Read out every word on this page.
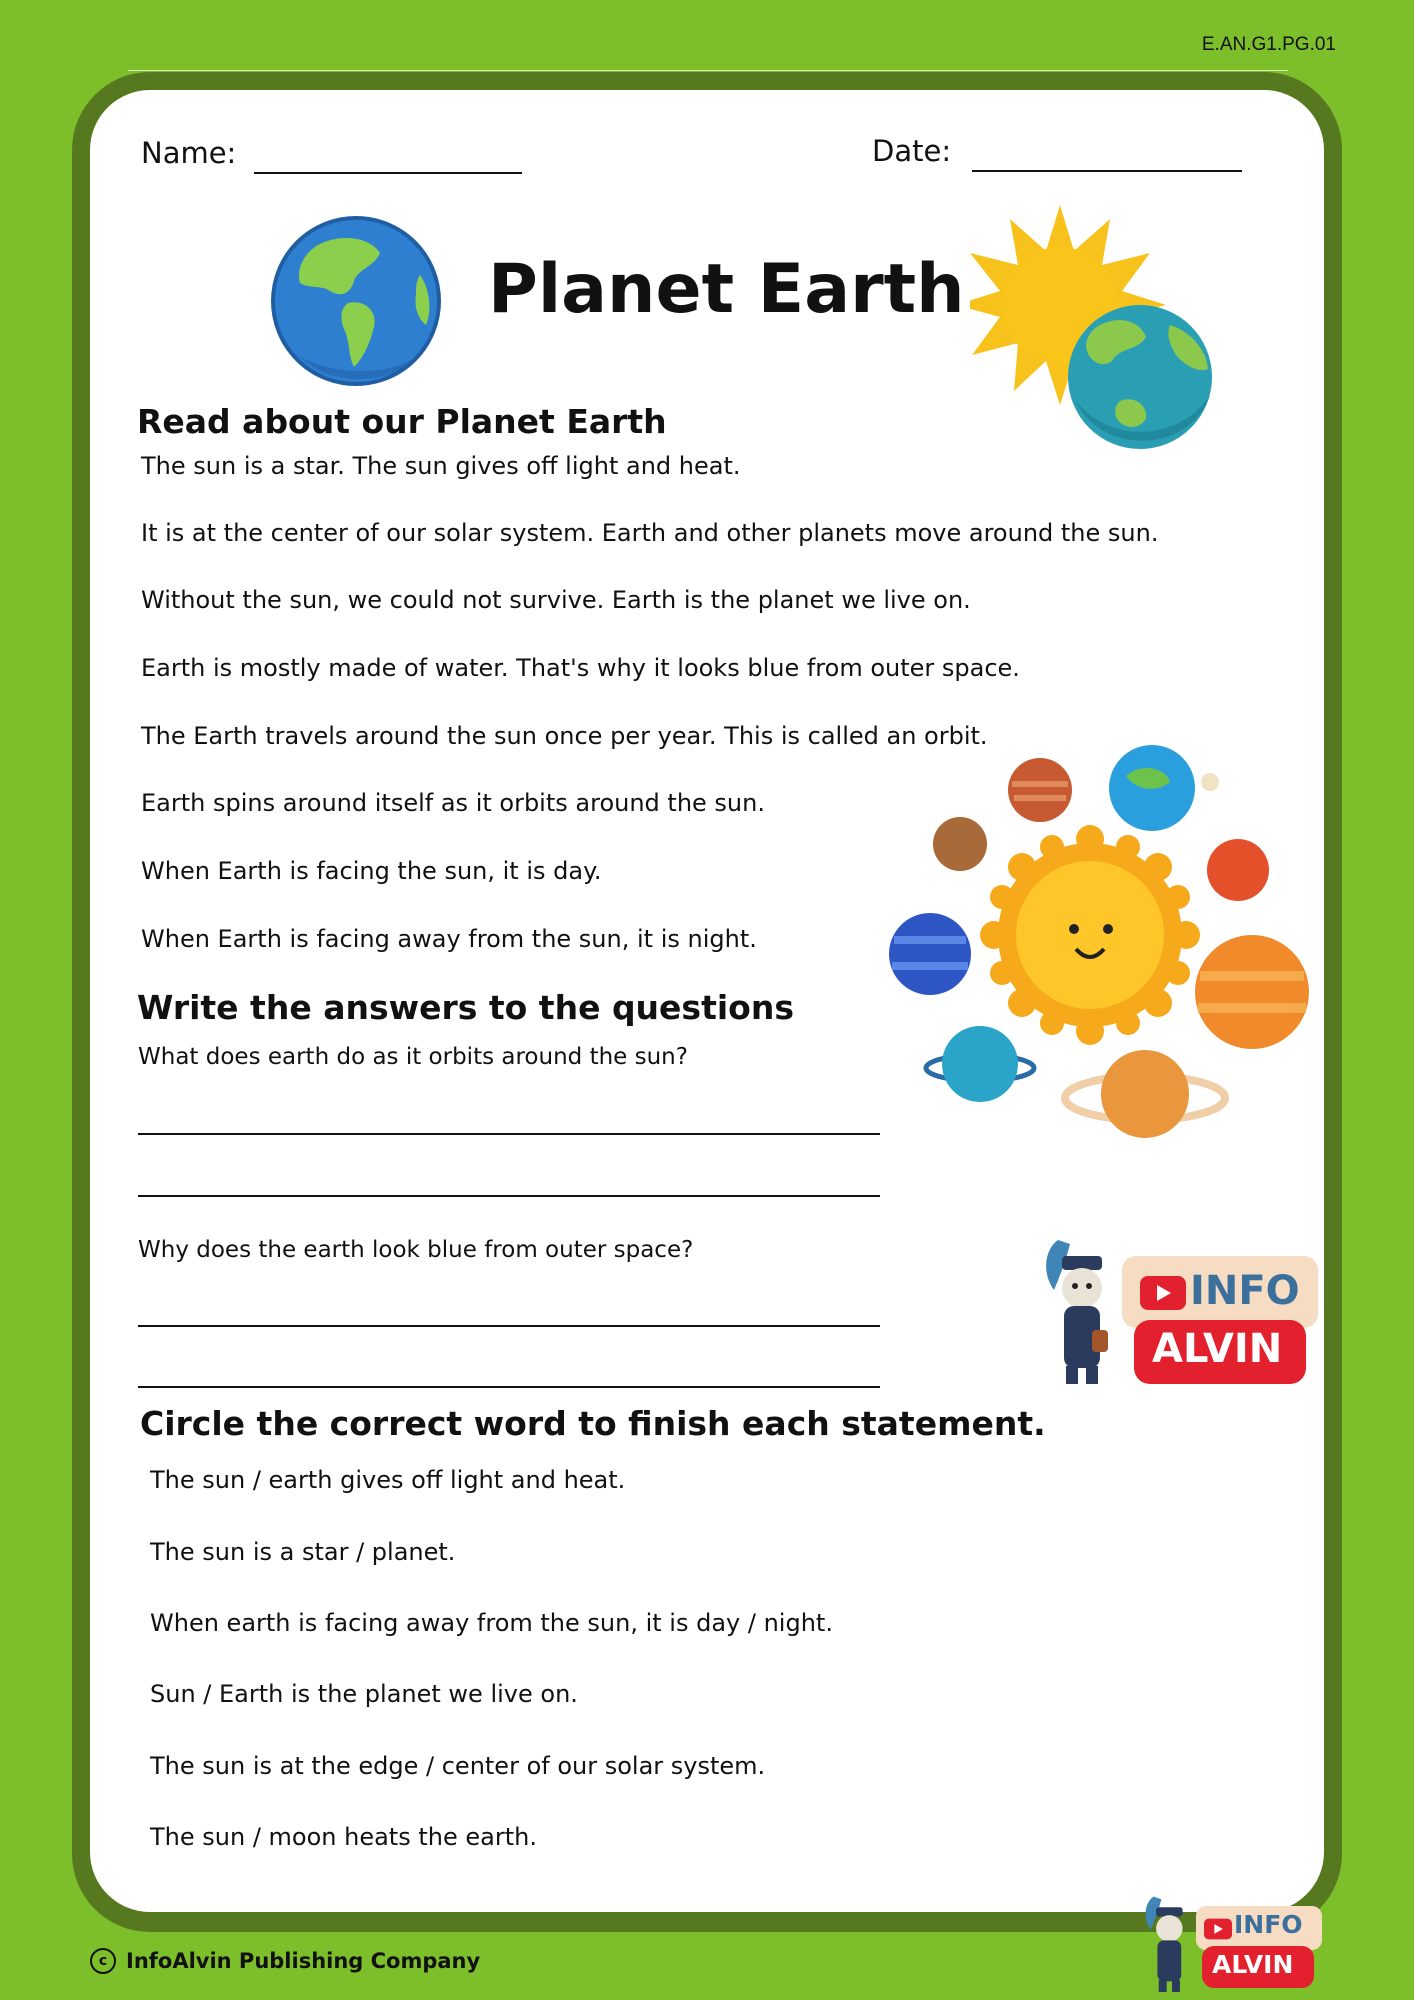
E.AN.G1.PG.01
Name:	Date:
Planet Earth
Read about our Planet Earth
The sun is a star. The sun gives off light and heat.
It is at the center of our solar system. Earth and other planets move around the sun.
Without the sun, we could not survive. Earth is the planet we live on.
Earth is mostly made of water. That's why it looks blue from outer space.
The Earth travels around the sun once per year. This is called an orbit.
Earth spins around itself as it orbits around the sun.
When Earth is facing the sun, it is day.
When Earth is facing away from the sun, it is night.
Write the answers to the questions
What does earth do as it orbits around the sun?
Why does the earth look blue from outer space?
INFO
ALVIN
Circle the correct word to finish each statement.
The sun / earth gives off light and heat.
The sun is a star / planet.
When earth is facing away from the sun, it is day / night.
Sun / Earth is the planet we live on.
The sun is at the edge / center of our solar system.
The sun / moon heats the earth.
c InfoAlvin Publishing Company
INFO
ALVIN
